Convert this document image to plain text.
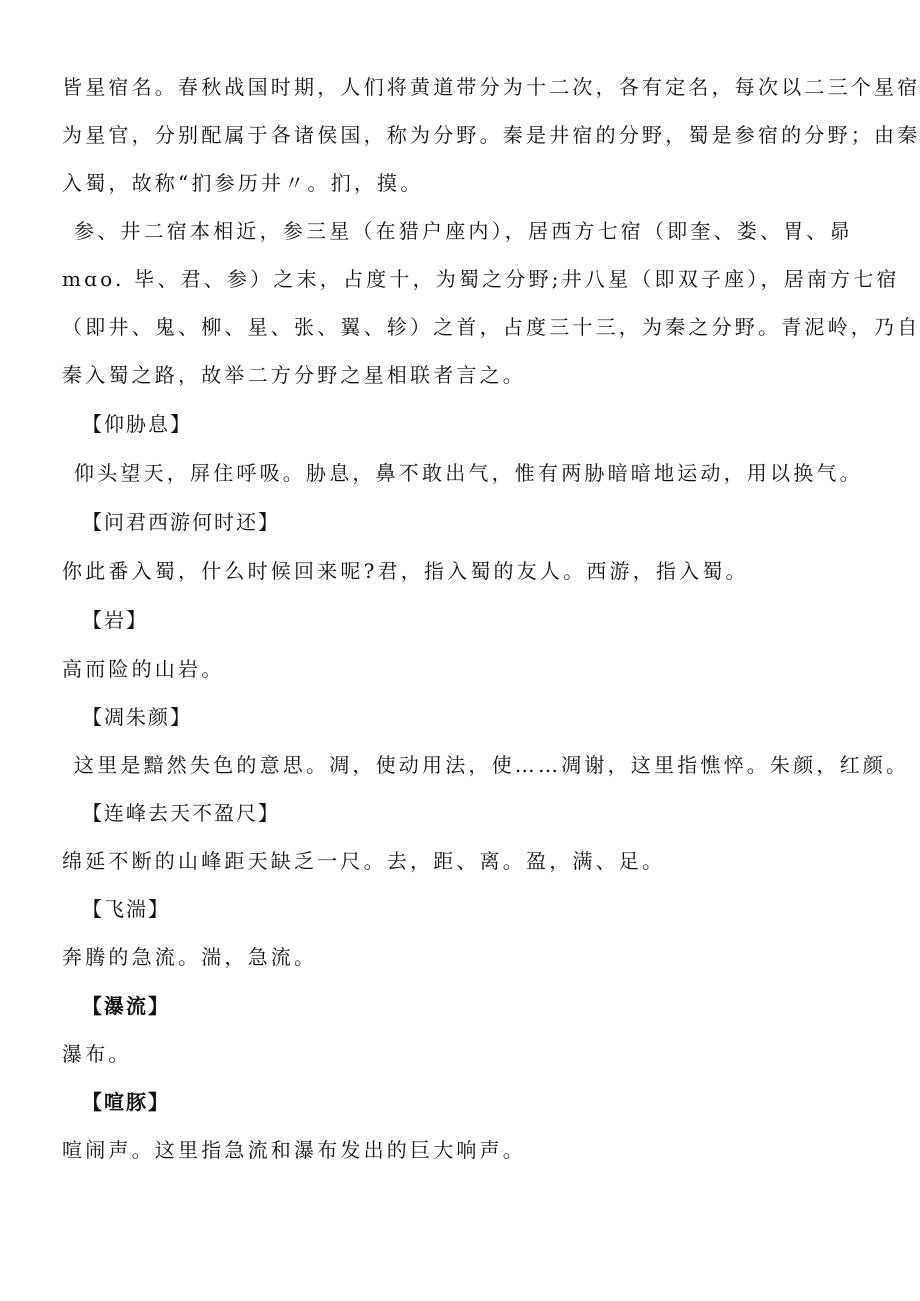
皆星宿名。春秋战国时期，人们将黄道带分为十二次，各有定名，每次以二三个星宿
为星官，分别配属于各诸侯国，称为分野。秦是井宿的分野，蜀是参宿的分野；由秦
入蜀，故称“扪参历井〃。扪，摸。
参、井二宿本相近，参三星（在猎户座内），居西方七宿（即奎、娄、胃、昴
mɑo. 毕、君、参）之末，占度十，为蜀之分野;井八星（即双子座），居南方七宿
（即井、鬼、柳、星、张、翼、轸）之首，占度三十三，为秦之分野。青泥岭，乃自
秦入蜀之路，故举二方分野之星相联者言之。
【仰胁息】
仰头望天，屏住呼吸。胁息，鼻不敢出气，惟有两胁暗暗地运动，用以换气。
【问君西游何时还】
你此番入蜀，什么时候回来呢?君，指入蜀的友人。西游，指入蜀。
【岩】
高而险的山岩。
【凋朱颜】
这里是黯然失色的意思。凋，使动用法，使……凋谢，这里指憔悴。朱颜，红颜。
【连峰去天不盈尺】
绵延不断的山峰距天缺乏一尺。去，距、离。盈，满、足。
【飞湍】
奔腾的急流。湍，急流。
【瀑流】
瀑布。
【喧豚】
喧闹声。这里指急流和瀑布发出的巨大响声。
